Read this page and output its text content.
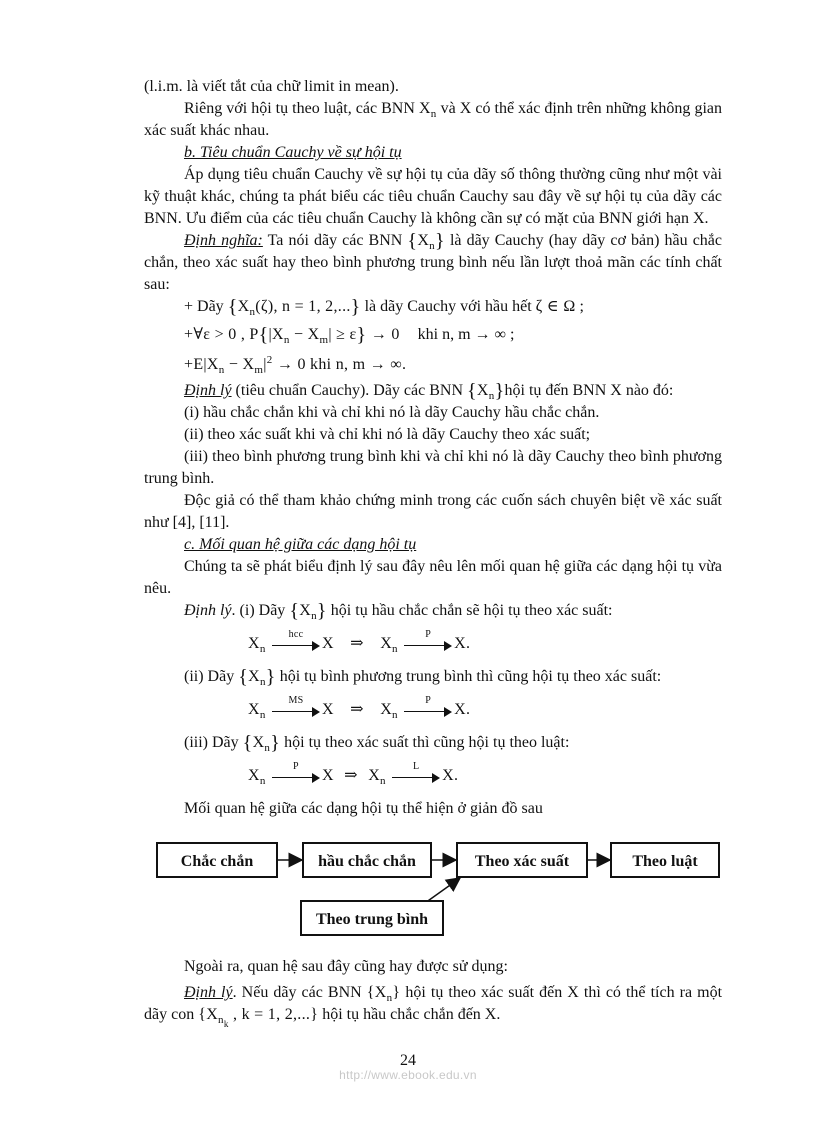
(l.i.m. là viết tắt của chữ limit in mean).

Riêng với hội tụ theo luật, các BNN $X_n$ và X có thể xác định trên những không gian xác suất khác nhau.

b. Tiêu chuẩn Cauchy về sự hội tụ

Áp dụng tiêu chuẩn Cauchy về sự hội tụ của dãy số thông thường cũng như một vài kỹ thuật khác, chúng ta phát biểu các tiêu chuẩn Cauchy sau đây về sự hội tụ của dãy các BNN. Ưu điểm của các tiêu chuẩn Cauchy là không cần sự có mặt của BNN giới hạn X.

Định nghĩa: Ta nói dãy các BNN $\{X_n\}$ là dãy Cauchy (hay dãy cơ bản) hầu chắc chắn, theo xác suất hay theo bình phương trung bình nếu lần lượt thoả mãn các tính chất sau:

+ Dãy {$X_n(\zeta)$, n = 1, 2,...} là dãy Cauchy với hầu hết ζ ∈ Ω ;

+∀ε > 0 , $P\{|X_n - X_m| \ge \varepsilon\} \to 0$ khi n, m → ∞ ;

$+E|X_n - X_m|^2 \to 0$ khi n, m → ∞.

Định lý (tiêu chuẩn Cauchy). Dãy các BNN $\{X_n\}hội$ tụ đến BNN X nào đó:

(i) hầu chắc chắn khi và chỉ khi nó là dãy Cauchy hầu chắc chắn.

(ii) theo xác suất khi và chỉ khi nó là dãy Cauchy theo xác suất;

(iii) theo bình phương trung bình khi và chỉ khi nó là dãy Cauchy theo bình phương trung bình.

Độc giả có thể tham khảo chứng minh trong các cuốn sách chuyên biệt về xác suất như [4], [11].

c. Mối quan hệ giữa các dạng hội tụ

Chúng ta sẽ phát biểu định lý sau đây nêu lên mối quan hệ giữa các dạng hội tụ vừa nêu.

Định lý. (i) Dãy $\{X_n\}$ hội tụ hầu chắc chắn sẽ hội tụ theo xác suất:

$X_n$
hcc
X ⇒ $X_n$
P
X.

(ii) Dãy $\{X_n\}$ hội tụ bình phương trung bình thì cũng hội tụ theo xác suất:

$X_n$
MS
X ⇒ $X_n$
P
X.

(iii) Dãy $\{X_n\}$ hội tụ theo xác suất thì cũng hội tụ theo luật:

$X_n$
P
X ⇒ $X_n$
L
X.

Mối quan hệ giữa các dạng hội tụ thể hiện ở giản đồ sau

Chắc chắn	hầu chắc chắn	Theo xác suất	Theo luật
Theo trung bình

Ngoài ra, quan hệ sau đây cũng hay được sử dụng:

Định lý. Nếu dãy các BNN $\{X_n\}$ hội tụ theo xác suất đến X thì có thể tích ra một dãy con {$X_{n_k}$ , k = 1, 2,...} hội tụ hầu chắc chắn đến X.

24
http://www.ebook.edu.vn
